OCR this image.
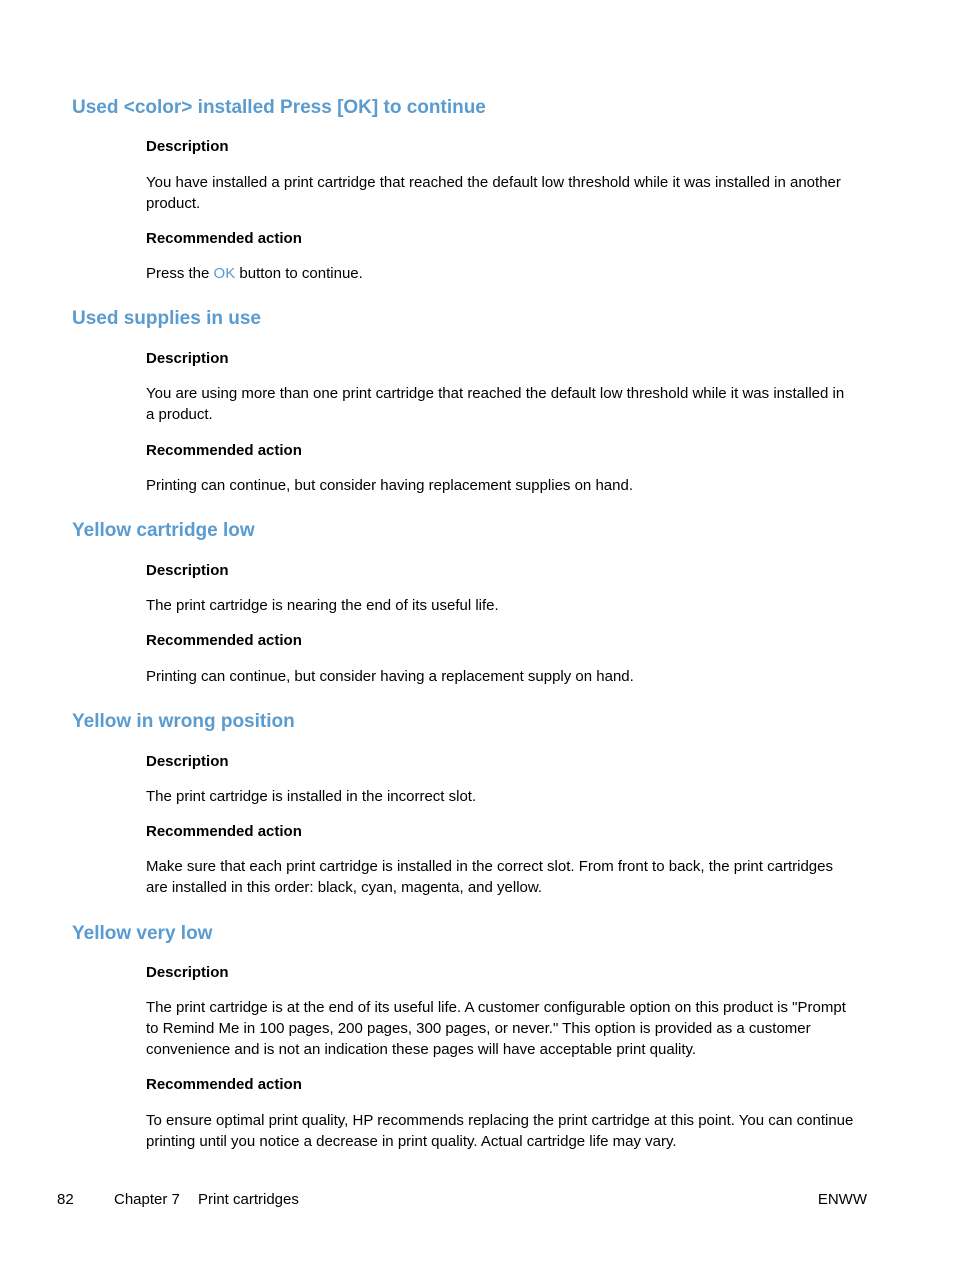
Used <color> installed Press [OK] to continue
Description

You have installed a print cartridge that reached the default low threshold while it was installed in another product.

Recommended action

Press the OK button to continue.

Used supplies in use
Description

You are using more than one print cartridge that reached the default low threshold while it was installed in a product.

Recommended action

Printing can continue, but consider having replacement supplies on hand.

Yellow cartridge low
Description

The print cartridge is nearing the end of its useful life.

Recommended action

Printing can continue, but consider having a replacement supply on hand.

Yellow in wrong position
Description

The print cartridge is installed in the incorrect slot.

Recommended action

Make sure that each print cartridge is installed in the correct slot. From front to back, the print cartridges are installed in this order: black, cyan, magenta, and yellow.

Yellow very low
Description

The print cartridge is at the end of its useful life. A customer configurable option on this product is "Prompt to Remind Me in 100 pages, 200 pages, 300 pages, or never." This option is provided as a customer convenience and is not an indication these pages will have acceptable print quality.

Recommended action

To ensure optimal print quality, HP recommends replacing the print cartridge at this point. You can continue printing until you notice a decrease in print quality. Actual cartridge life may vary.

82	Chapter 7 Print cartridges	ENWW
